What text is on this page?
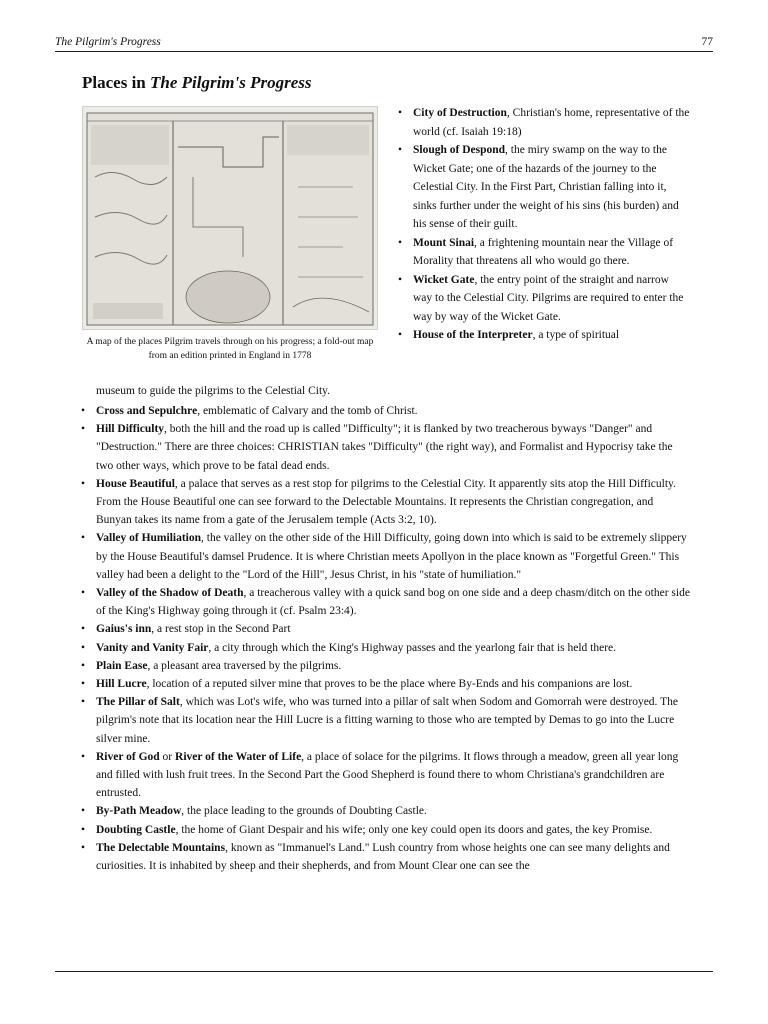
The Pilgrim's Progress	77
Places in The Pilgrim's Progress
A map of the places Pilgrim travels through on his progress; a fold-out map from an edition printed in England in 1778
• City of Destruction, Christian's home, representative of the world (cf. Isaiah 19:18)
• Slough of Despond, the miry swamp on the way to the Wicket Gate; one of the hazards of the journey to the Celestial City. In the First Part, Christian falling into it, sinks further under the weight of his sins (his burden) and his sense of their guilt.
• Mount Sinai, a frightening mountain near the Village of Morality that threatens all who would go there.
• Wicket Gate, the entry point of the straight and narrow way to the Celestial City. Pilgrims are required to enter the way by way of the Wicket Gate.
• House of the Interpreter, a type of spiritual
museum to guide the pilgrims to the Celestial City.
• Cross and Sepulchre, emblematic of Calvary and the tomb of Christ.
• Hill Difficulty, both the hill and the road up is called "Difficulty"; it is flanked by two treacherous byways "Danger" and "Destruction." There are three choices: CHRISTIAN takes "Difficulty" (the right way), and Formalist and Hypocrisy take the two other ways, which prove to be fatal dead ends.
• House Beautiful, a palace that serves as a rest stop for pilgrims to the Celestial City. It apparently sits atop the Hill Difficulty. From the House Beautiful one can see forward to the Delectable Mountains. It represents the Christian congregation, and Bunyan takes its name from a gate of the Jerusalem temple (Acts 3:2, 10).
• Valley of Humiliation, the valley on the other side of the Hill Difficulty, going down into which is said to be extremely slippery by the House Beautiful's damsel Prudence. It is where Christian meets Apollyon in the place known as "Forgetful Green." This valley had been a delight to the "Lord of the Hill", Jesus Christ, in his "state of humiliation."
• Valley of the Shadow of Death, a treacherous valley with a quick sand bog on one side and a deep chasm/ditch on the other side of the King's Highway going through it (cf. Psalm 23:4).
• Gaius's inn, a rest stop in the Second Part
• Vanity and Vanity Fair, a city through which the King's Highway passes and the yearlong fair that is held there.
• Plain Ease, a pleasant area traversed by the pilgrims.
• Hill Lucre, location of a reputed silver mine that proves to be the place where By-Ends and his companions are lost.
• The Pillar of Salt, which was Lot's wife, who was turned into a pillar of salt when Sodom and Gomorrah were destroyed. The pilgrim's note that its location near the Hill Lucre is a fitting warning to those who are tempted by Demas to go into the Lucre silver mine.
• River of God or River of the Water of Life, a place of solace for the pilgrims. It flows through a meadow, green all year long and filled with lush fruit trees. In the Second Part the Good Shepherd is found there to whom Christiana's grandchildren are entrusted.
• By-Path Meadow, the place leading to the grounds of Doubting Castle.
• Doubting Castle, the home of Giant Despair and his wife; only one key could open its doors and gates, the key Promise.
• The Delectable Mountains, known as "Immanuel's Land." Lush country from whose heights one can see many delights and curiosities. It is inhabited by sheep and their shepherds, and from Mount Clear one can see the
